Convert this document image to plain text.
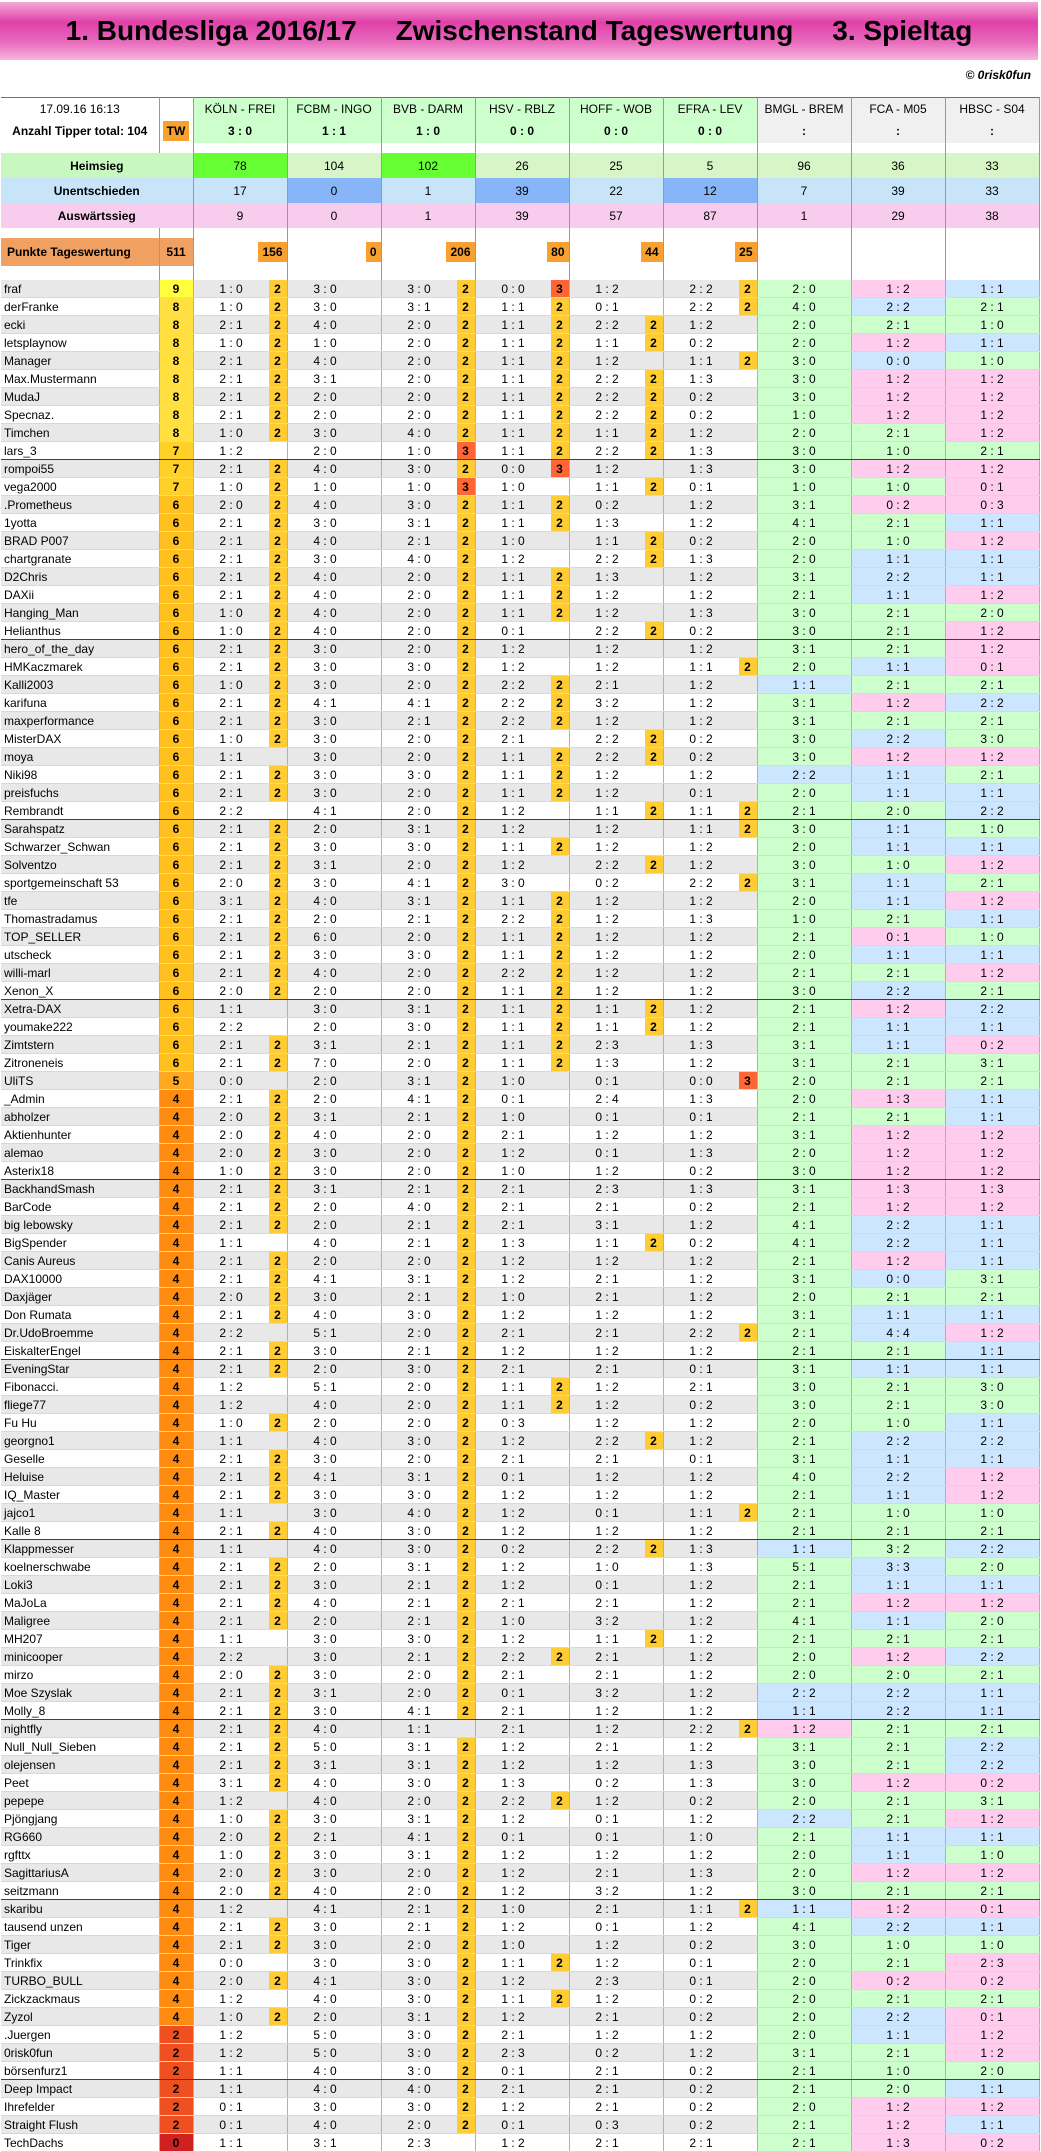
1. Bundesliga 2016/17
Zwischenstand Tageswertung
3. Spieltag
© 0risk0fun
17.09.16 16:13		KÖLN - FREI	FCBM - INGO	BVB - DARM	HSV - RBLZ	HOFF - WOB	EFRA - LEV	BMGL - BREM	FCA - M05	HBSC - S04
Anzahl Tipper total: 104	TW	3 : 0	1 : 1	1 : 0	0 : 0	0 : 0	0 : 0	:	:	:

Heimsieg		78	104	102	26	25	5	96	36	33
Unentschieden		17	0	1	39	22	12	7	39	33
Auswärtssieg		9	0	1	39	57	87	1	29	38

Punkte Tageswertung	511	156	0	206	80	44	25			

fraf	9	1 : 0 2	3 : 0	3 : 0 2	0 : 0 3	1 : 2	2 : 2 2	2 : 0	1 : 2	1 : 1
derFranke	8	1 : 0 2	3 : 0	3 : 1 2	1 : 1 2	0 : 1	2 : 2 2	4 : 0	2 : 2	2 : 1
ecki	8	2 : 1 2	4 : 0	2 : 0 2	1 : 1 2	2 : 2 2	1 : 2	2 : 0	2 : 1	1 : 0
letsplaynow	8	1 : 0 2	1 : 0	2 : 0 2	1 : 1 2	1 : 1 2	0 : 2	2 : 0	1 : 2	1 : 1
Manager	8	2 : 1 2	4 : 0	2 : 0 2	1 : 1 2	1 : 2	1 : 1 2	3 : 0	0 : 0	1 : 0
Max.Mustermann	8	2 : 1 2	3 : 1	2 : 0 2	1 : 1 2	2 : 2 2	1 : 3	3 : 0	1 : 2	1 : 2
MudaJ	8	2 : 1 2	2 : 0	2 : 0 2	1 : 1 2	2 : 2 2	0 : 2	3 : 0	1 : 2	1 : 2
Specnaz.	8	2 : 1 2	2 : 0	2 : 0 2	1 : 1 2	2 : 2 2	0 : 2	1 : 0	1 : 2	1 : 2
Timchen	8	1 : 0 2	3 : 0	4 : 0 2	1 : 1 2	1 : 1 2	1 : 2	2 : 0	2 : 1	1 : 2
lars_3	7	1 : 2	2 : 0	1 : 0 3	1 : 1 2	2 : 2 2	1 : 3	3 : 0	1 : 0	2 : 1
rompoi55	7	2 : 1 2	4 : 0	3 : 0 2	0 : 0 3	1 : 2	1 : 3	3 : 0	1 : 2	1 : 2
vega2000	7	1 : 0 2	1 : 0	1 : 0 3	1 : 0	1 : 1 2	0 : 1	1 : 0	1 : 0	0 : 1
.Prometheus	6	2 : 0 2	4 : 0	3 : 0 2	1 : 1 2	0 : 2	1 : 2	3 : 1	0 : 2	0 : 3
1yotta	6	2 : 1 2	3 : 0	3 : 1 2	1 : 1 2	1 : 3	1 : 2	4 : 1	2 : 1	1 : 1
BRAD P007	6	2 : 1 2	4 : 0	2 : 1 2	1 : 0	1 : 1 2	0 : 2	2 : 0	1 : 0	1 : 2
chartgranate	6	2 : 1 2	3 : 0	4 : 0 2	1 : 2	2 : 2 2	1 : 3	2 : 0	1 : 1	1 : 1
D2Chris	6	2 : 1 2	4 : 0	2 : 0 2	1 : 1 2	1 : 3	1 : 2	3 : 1	2 : 2	1 : 1
DAXii	6	2 : 1 2	4 : 0	2 : 0 2	1 : 1 2	1 : 2	1 : 2	2 : 1	1 : 1	1 : 2
Hanging_Man	6	1 : 0 2	4 : 0	2 : 0 2	1 : 1 2	1 : 2	1 : 3	3 : 0	2 : 1	2 : 0
Helianthus	6	1 : 0 2	4 : 0	2 : 0 2	0 : 1	2 : 2 2	0 : 2	3 : 0	2 : 1	1 : 2
hero_of_the_day	6	2 : 1 2	3 : 0	2 : 0 2	1 : 2	1 : 2	1 : 2	3 : 1	2 : 1	1 : 2
HMKaczmarek	6	2 : 1 2	3 : 0	3 : 0 2	1 : 2	1 : 2	1 : 1 2	2 : 0	1 : 1	0 : 1
Kalli2003	6	1 : 0 2	3 : 0	2 : 0 2	2 : 2 2	2 : 1	1 : 2	1 : 1	2 : 1	2 : 1
karifuna	6	2 : 1 2	4 : 1	4 : 1 2	2 : 2 2	3 : 2	1 : 2	3 : 1	1 : 2	2 : 2
maxperformance	6	2 : 1 2	3 : 0	2 : 1 2	2 : 2 2	1 : 2	1 : 2	3 : 1	2 : 1	2 : 1
MisterDAX	6	1 : 0 2	3 : 0	2 : 0 2	2 : 1	2 : 2 2	0 : 2	3 : 0	2 : 2	3 : 0
moya	6	1 : 1	3 : 0	2 : 0 2	1 : 1 2	2 : 2 2	0 : 2	3 : 0	1 : 2	1 : 2
Niki98	6	2 : 1 2	3 : 0	3 : 0 2	1 : 1 2	1 : 2	1 : 2	2 : 2	1 : 1	2 : 1
preisfuchs	6	2 : 1 2	3 : 0	2 : 0 2	1 : 1 2	1 : 2	0 : 1	2 : 0	1 : 1	1 : 1
Rembrandt	6	2 : 2	4 : 1	2 : 0 2	1 : 2	1 : 1 2	1 : 1 2	2 : 1	2 : 0	2 : 2
Sarahspatz	6	2 : 1 2	2 : 0	3 : 1 2	1 : 2	1 : 2	1 : 1 2	3 : 0	1 : 1	1 : 0
Schwarzer_Schwan	6	2 : 1 2	3 : 0	3 : 0 2	1 : 1 2	1 : 2	1 : 2	2 : 0	1 : 1	1 : 1
Solventzo	6	2 : 1 2	3 : 1	2 : 0 2	1 : 2	2 : 2 2	1 : 2	3 : 0	1 : 0	1 : 2
sportgemeinschaft 53	6	2 : 0 2	3 : 0	4 : 1 2	3 : 0	0 : 2	2 : 2 2	3 : 1	1 : 1	2 : 1
tfe	6	3 : 1 2	4 : 0	3 : 1 2	1 : 1 2	1 : 2	1 : 2	2 : 0	1 : 1	1 : 2
Thomastradamus	6	2 : 1 2	2 : 0	2 : 1 2	2 : 2 2	1 : 2	1 : 3	1 : 0	2 : 1	1 : 1
TOP_SELLER	6	2 : 1 2	6 : 0	2 : 0 2	1 : 1 2	1 : 2	1 : 2	2 : 1	0 : 1	1 : 0
utscheck	6	2 : 1 2	3 : 0	3 : 0 2	1 : 1 2	1 : 2	1 : 2	2 : 0	1 : 1	1 : 1
willi-marl	6	2 : 1 2	4 : 0	2 : 0 2	2 : 2 2	1 : 2	1 : 2	2 : 1	2 : 1	1 : 2
Xenon_X	6	2 : 0 2	2 : 0	2 : 0 2	1 : 1 2	1 : 2	1 : 2	3 : 0	2 : 2	2 : 1
Xetra-DAX	6	1 : 1	3 : 0	3 : 1 2	1 : 1 2	1 : 1 2	1 : 2	2 : 1	1 : 2	2 : 2
youmake222	6	2 : 2	2 : 0	3 : 0 2	1 : 1 2	1 : 1 2	1 : 2	2 : 1	1 : 1	1 : 1
Zimtstern	6	2 : 1 2	3 : 1	2 : 1 2	1 : 1 2	2 : 3	1 : 3	3 : 1	1 : 1	0 : 2
Zitroneneis	6	2 : 1 2	7 : 0	2 : 0 2	1 : 1 2	1 : 3	1 : 2	3 : 1	2 : 1	3 : 1
UliTS	5	0 : 0	2 : 0	3 : 1 2	1 : 0	0 : 1	0 : 0 3	2 : 0	2 : 1	2 : 1
_Admin	4	2 : 1 2	2 : 0	4 : 1 2	0 : 1	2 : 4	1 : 3	2 : 0	1 : 3	1 : 1
abholzer	4	2 : 0 2	3 : 1	2 : 1 2	1 : 0	0 : 1	0 : 1	2 : 1	2 : 1	1 : 1
Aktienhunter	4	2 : 0 2	4 : 0	2 : 0 2	2 : 1	1 : 2	1 : 2	3 : 1	1 : 2	1 : 2
alemao	4	2 : 0 2	3 : 0	2 : 0 2	1 : 2	0 : 1	1 : 3	2 : 0	1 : 2	1 : 2
Asterix18	4	1 : 0 2	3 : 0	2 : 0 2	1 : 0	1 : 2	0 : 2	3 : 0	1 : 2	1 : 2
BackhandSmash	4	2 : 1 2	3 : 1	2 : 1 2	2 : 1	2 : 3	1 : 3	3 : 1	1 : 3	1 : 3
BarCode	4	2 : 1 2	2 : 0	4 : 0 2	2 : 1	2 : 1	0 : 2	2 : 1	1 : 2	1 : 2
big lebowsky	4	2 : 1 2	2 : 0	2 : 1 2	2 : 1	3 : 1	1 : 2	4 : 1	2 : 2	1 : 1
BigSpender	4	1 : 1	4 : 0	2 : 1 2	1 : 3	1 : 1 2	0 : 2	4 : 1	2 : 2	1 : 1
Canis Aureus	4	2 : 1 2	2 : 0	2 : 0 2	1 : 2	1 : 2	1 : 2	2 : 1	1 : 2	1 : 1
DAX10000	4	2 : 1 2	4 : 1	3 : 1 2	1 : 2	2 : 1	1 : 2	3 : 1	0 : 0	3 : 1
Daxjäger	4	2 : 0 2	3 : 0	2 : 1 2	1 : 0	2 : 1	1 : 2	2 : 0	2 : 1	2 : 1
Don Rumata	4	2 : 1 2	4 : 0	3 : 0 2	1 : 2	1 : 2	1 : 2	3 : 1	1 : 1	1 : 1
Dr.UdoBroemme	4	2 : 2	5 : 1	2 : 0 2	2 : 1	2 : 1	2 : 2 2	2 : 1	4 : 4	1 : 2
EiskalterEngel	4	2 : 1 2	3 : 0	2 : 1 2	1 : 2	1 : 2	1 : 2	2 : 1	2 : 1	1 : 1
EveningStar	4	2 : 1 2	2 : 0	3 : 0 2	2 : 1	2 : 1	0 : 1	3 : 1	1 : 1	1 : 1
Fibonacci.	4	1 : 2	5 : 1	2 : 0 2	1 : 1 2	1 : 2	2 : 1	3 : 0	2 : 1	3 : 0
fliege77	4	1 : 2	4 : 0	2 : 0 2	1 : 1 2	1 : 2	0 : 2	3 : 0	2 : 1	3 : 0
Fu Hu	4	1 : 0 2	2 : 0	2 : 0 2	0 : 3	1 : 2	1 : 2	2 : 0	1 : 0	1 : 1
georgno1	4	1 : 1	4 : 0	3 : 0 2	1 : 2	2 : 2 2	1 : 2	2 : 1	2 : 2	2 : 2
Geselle	4	2 : 1 2	3 : 0	2 : 0 2	2 : 1	2 : 1	0 : 1	3 : 1	1 : 1	1 : 1
Heluise	4	2 : 1 2	4 : 1	3 : 1 2	0 : 1	1 : 2	1 : 2	4 : 0	2 : 2	1 : 2
IQ_Master	4	2 : 1 2	3 : 0	3 : 0 2	1 : 2	1 : 2	1 : 2	2 : 1	1 : 1	1 : 2
jajco1	4	1 : 1	3 : 0	4 : 0 2	1 : 2	0 : 1	1 : 1 2	2 : 1	1 : 0	1 : 0
Kalle 8	4	2 : 1 2	4 : 0	3 : 0 2	1 : 2	1 : 2	1 : 2	2 : 1	2 : 1	2 : 1
Klappmesser	4	1 : 1	4 : 0	3 : 0 2	0 : 2	2 : 2 2	1 : 3	1 : 1	3 : 2	2 : 2
koelnerschwabe	4	2 : 1 2	2 : 0	3 : 1 2	1 : 2	1 : 0	1 : 3	5 : 1	3 : 3	2 : 0
Loki3	4	2 : 1 2	3 : 0	2 : 1 2	1 : 2	0 : 1	1 : 2	2 : 1	1 : 1	1 : 1
MaJoLa	4	2 : 1 2	4 : 0	2 : 1 2	2 : 1	2 : 1	1 : 2	2 : 1	1 : 2	1 : 2
Maligree	4	2 : 1 2	2 : 0	2 : 1 2	1 : 0	3 : 2	1 : 2	4 : 1	1 : 1	2 : 0
MH207	4	1 : 1	3 : 0	3 : 0 2	1 : 2	1 : 1 2	1 : 2	2 : 1	2 : 1	2 : 1
minicooper	4	2 : 2	3 : 0	2 : 1 2	2 : 2 2	2 : 1	1 : 2	2 : 0	1 : 2	2 : 2
mirzo	4	2 : 0 2	3 : 0	2 : 0 2	2 : 1	2 : 1	1 : 2	2 : 0	2 : 0	2 : 1
Moe Szyslak	4	2 : 1 2	3 : 1	2 : 0 2	0 : 1	3 : 2	1 : 2	2 : 2	2 : 2	1 : 1
Molly_8	4	2 : 1 2	3 : 0	4 : 1 2	2 : 1	1 : 2	1 : 2	1 : 1	2 : 2	1 : 1
nightfly	4	2 : 1 2	4 : 0	1 : 1	2 : 1	1 : 2	2 : 2 2	1 : 2	2 : 1	2 : 1
Null_Null_Sieben	4	2 : 1 2	5 : 0	3 : 1 2	1 : 2	2 : 1	1 : 2	3 : 1	2 : 1	2 : 2
olejensen	4	2 : 1 2	3 : 1	3 : 1 2	1 : 2	1 : 2	1 : 3	3 : 0	2 : 1	2 : 2
Peet	4	3 : 1 2	4 : 0	3 : 0 2	1 : 3	0 : 2	1 : 3	3 : 0	1 : 2	0 : 2
pepepe	4	1 : 2	4 : 0	2 : 0 2	2 : 2 2	1 : 2	0 : 2	2 : 0	2 : 1	3 : 1
Pjöngjang	4	1 : 0 2	3 : 0	3 : 1 2	1 : 2	0 : 1	1 : 2	2 : 2	2 : 1	1 : 2
RG660	4	2 : 0 2	2 : 1	4 : 1 2	0 : 1	0 : 1	1 : 0	2 : 1	1 : 1	1 : 1
rgfttx	4	1 : 0 2	3 : 0	3 : 1 2	1 : 2	1 : 2	1 : 2	2 : 0	1 : 1	1 : 0
SagittariusA	4	2 : 0 2	3 : 0	2 : 0 2	1 : 2	2 : 1	1 : 3	2 : 0	1 : 2	1 : 2
seitzmann	4	2 : 0 2	4 : 0	2 : 0 2	1 : 2	3 : 2	1 : 2	3 : 0	2 : 1	2 : 1
skaribu	4	1 : 2	4 : 1	2 : 1 2	1 : 0	2 : 1	1 : 1 2	1 : 1	1 : 2	0 : 1
tausend unzen	4	2 : 1 2	3 : 0	2 : 1 2	1 : 2	0 : 1	1 : 2	4 : 1	2 : 2	1 : 1
Tiger	4	2 : 1 2	3 : 0	2 : 0 2	1 : 0	1 : 2	0 : 2	3 : 0	1 : 0	1 : 0
Trinkfix	4	0 : 0	3 : 0	3 : 0 2	1 : 1 2	1 : 2	0 : 1	2 : 0	2 : 1	2 : 3
TURBO_BULL	4	2 : 0 2	4 : 1	3 : 0 2	1 : 2	2 : 3	0 : 1	2 : 0	0 : 2	0 : 2
Zickzackmaus	4	1 : 2	4 : 0	3 : 0 2	1 : 1 2	1 : 2	0 : 2	2 : 0	2 : 1	2 : 1
Zyzol	4	1 : 0 2	2 : 0	3 : 1 2	1 : 2	2 : 1	0 : 2	2 : 0	2 : 2	0 : 1
.Juergen	2	1 : 2	5 : 0	3 : 0 2	2 : 1	1 : 2	1 : 2	2 : 0	1 : 1	1 : 2
0risk0fun	2	1 : 2	5 : 0	3 : 0 2	2 : 3	0 : 2	1 : 2	3 : 1	2 : 1	1 : 2
börsenfurz1	2	1 : 1	4 : 0	3 : 0 2	0 : 1	2 : 1	0 : 2	2 : 1	1 : 0	2 : 0
Deep Impact	2	1 : 1	4 : 0	4 : 0 2	2 : 1	2 : 1	0 : 2	2 : 1	2 : 0	1 : 1
Ihrefelder	2	0 : 1	3 : 0	3 : 0 2	1 : 2	2 : 1	0 : 2	2 : 0	1 : 2	1 : 2
Straight Flush	2	0 : 1	4 : 0	2 : 0 2	0 : 1	0 : 3	0 : 2	2 : 1	1 : 2	1 : 1
TechDachs	0	1 : 1	3 : 1	2 : 3	1 : 2	2 : 1	2 : 1	2 : 1	1 : 3	0 : 2
